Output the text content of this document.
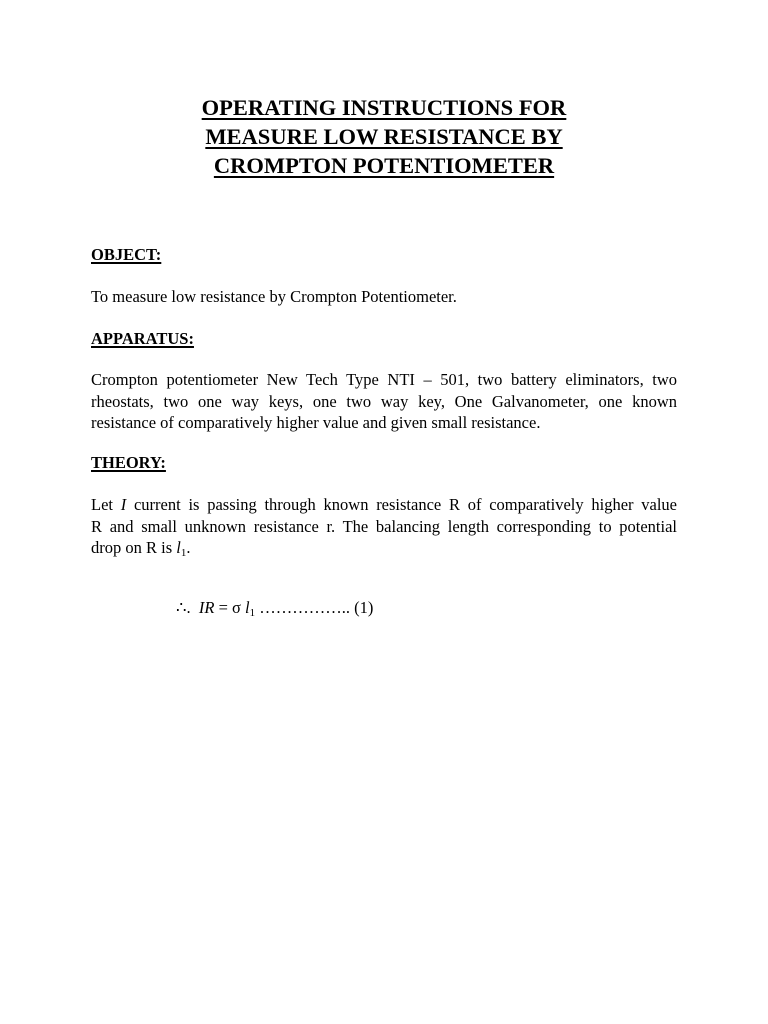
OPERATING INSTRUCTIONS FOR
MEASURE LOW RESISTANCE BY
CROMPTON POTENTIOMETER
OBJECT:
To measure low resistance by Crompton Potentiometer.
APPARATUS:
Crompton potentiometer New Tech Type NTI – 501, two battery eliminators, two
rheostats, two one way keys, one two way key, One Galvanometer, one known
resistance of comparatively higher value and given small resistance.
THEORY:
Let I current is passing through known resistance R of comparatively higher value
R and small unknown resistance r. The balancing length corresponding to potential
drop on R is $l_1$.
∴. IR = σ $l_1$ …………….. (1)
